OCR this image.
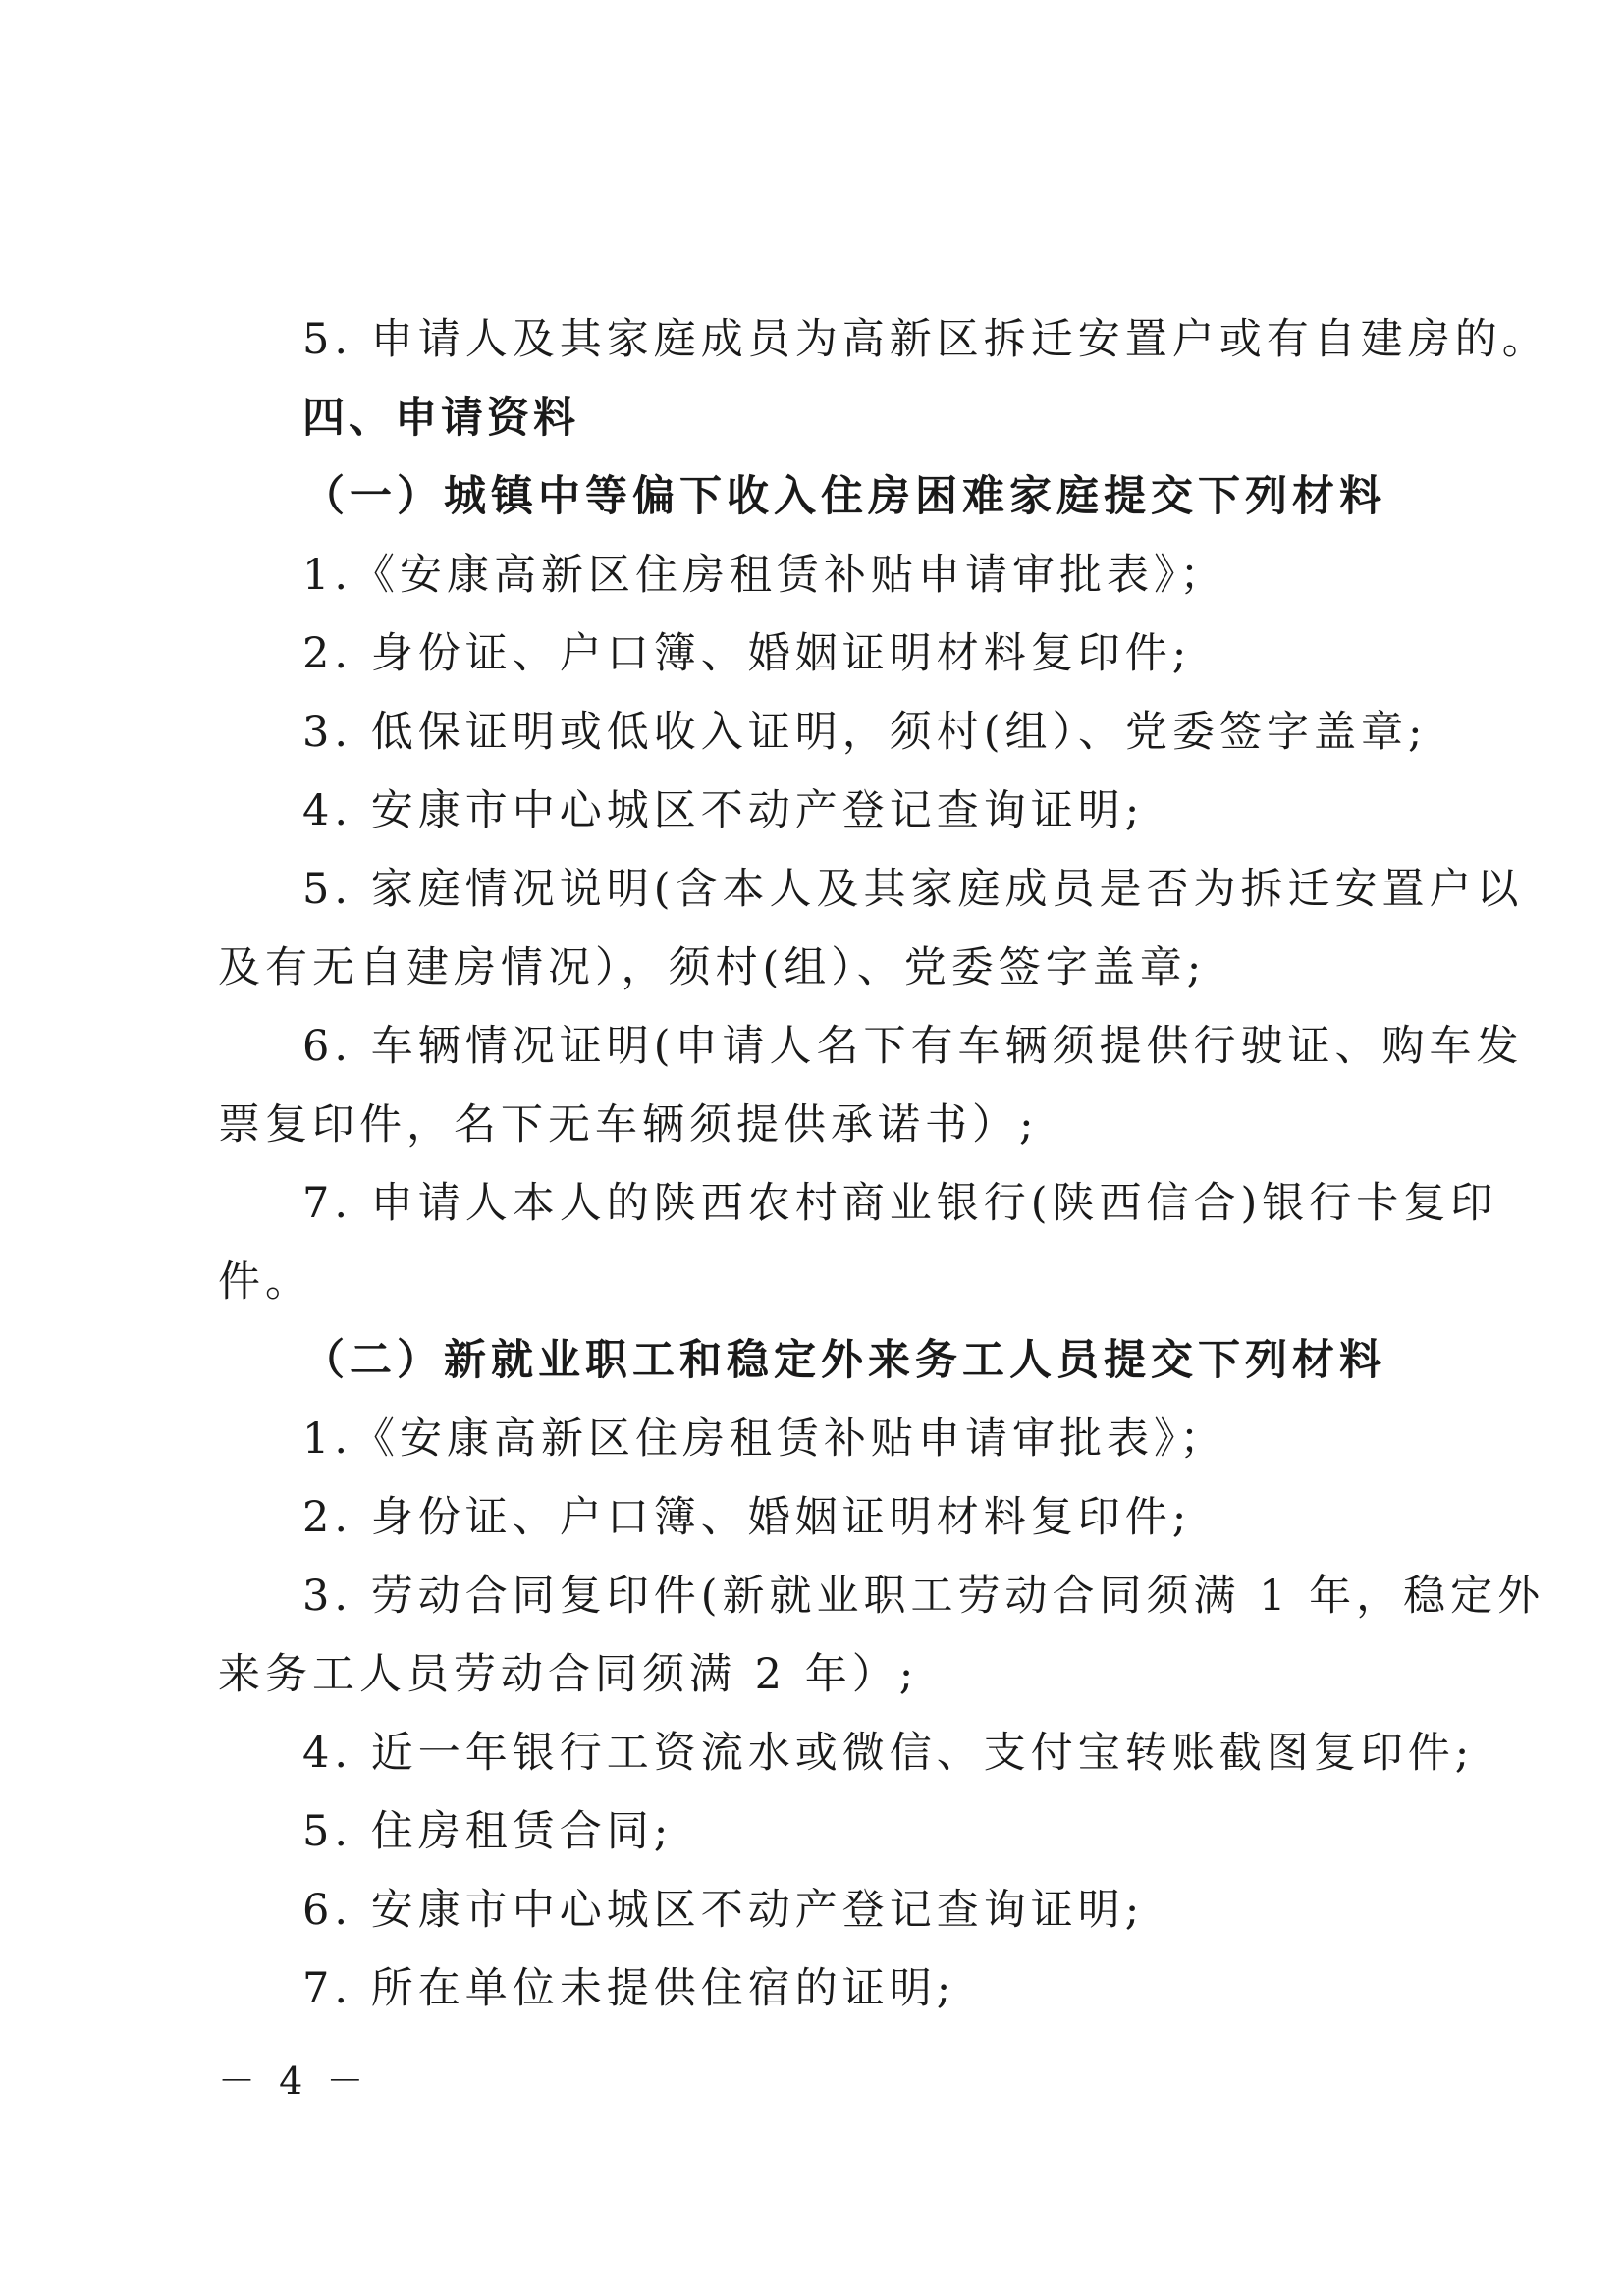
5. 申请人及其家庭成员为高新区拆迁安置户或有自建房的。
四、申请资料
（一）城镇中等偏下收入住房困难家庭提交下列材料
1.《安康高新区住房租赁补贴申请审批表》；
2. 身份证、户口簿、婚姻证明材料复印件;
3. 低保证明或低收入证明，须村(组）、党委签字盖章;
4. 安康市中心城区不动产登记查询证明;
5. 家庭情况说明(含本人及其家庭成员是否为拆迁安置户以
及有无自建房情况），须村(组）、党委签字盖章;
6. 车辆情况证明(申请人名下有车辆须提供行驶证、购车发
票复印件，名下无车辆须提供承诺书）;
7. 申请人本人的陕西农村商业银行(陕西信合)银行卡复印
件。
（二）新就业职工和稳定外来务工人员提交下列材料
1.《安康高新区住房租赁补贴申请审批表》；
2. 身份证、户口簿、婚姻证明材料复印件;
3. 劳动合同复印件(新就业职工劳动合同须满 1 年，稳定外
来务工人员劳动合同须满 2 年）;
4. 近一年银行工资流水或微信、支付宝转账截图复印件;
5. 住房租赁合同;
6. 安康市中心城区不动产登记查询证明;
7. 所在单位未提供住宿的证明;
－ 4 －
